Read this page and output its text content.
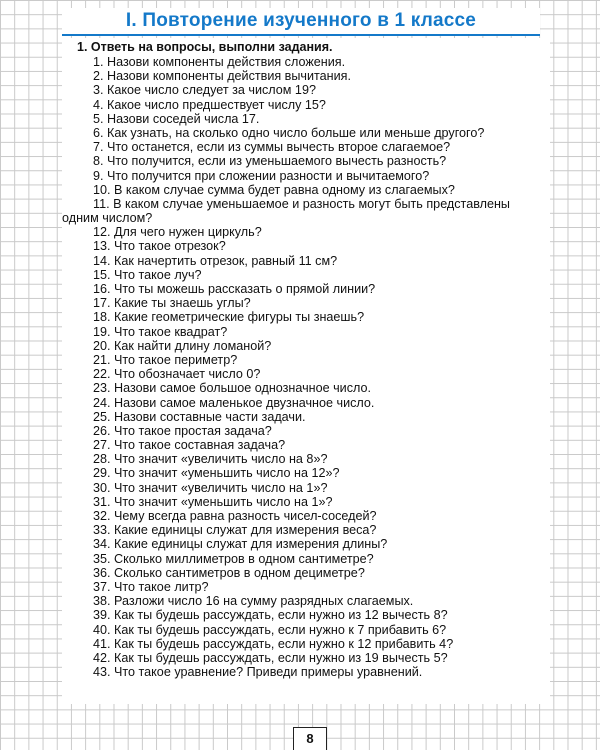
I. Повторение изученного в 1 классе
1. Ответь на вопросы, выполни задания.
1. Назови компоненты действия сложения.
2. Назови компоненты действия вычитания.
3. Какое число следует за числом 19?
4. Какое число предшествует числу 15?
5. Назови соседей числа 17.
6. Как узнать, на сколько одно число больше или меньше другого?
7. Что останется, если из суммы вычесть второе слагаемое?
8. Что получится, если из уменьшаемого вычесть разность?
9. Что получится при сложении разности и вычитаемого?
10. В каком случае сумма будет равна одному из слагаемых?
11. В каком случае уменьшаемое и разность могут быть представлены одним числом?
12. Для чего нужен циркуль?
13. Что такое отрезок?
14. Как начертить отрезок, равный 11 см?
15. Что такое луч?
16. Что ты можешь рассказать о прямой линии?
17. Какие ты знаешь углы?
18. Какие геометрические фигуры ты знаешь?
19. Что такое квадрат?
20. Как найти длину ломаной?
21. Что такое периметр?
22. Что обозначает число 0?
23. Назови самое большое однозначное число.
24. Назови самое маленькое двузначное число.
25. Назови составные части задачи.
26. Что такое простая задача?
27. Что такое составная задача?
28. Что значит «увеличить число на 8»?
29. Что значит «уменьшить число на 12»?
30. Что значит «увеличить число на 1»?
31. Что значит «уменьшить число на 1»?
32. Чему всегда равна разность чисел-соседей?
33. Какие единицы служат для измерения веса?
34. Какие единицы служат для измерения длины?
35. Сколько миллиметров в одном сантиметре?
36. Сколько сантиметров в одном дециметре?
37. Что такое литр?
38. Разложи число 16 на сумму разрядных слагаемых.
39. Как ты будешь рассуждать, если нужно из 12 вычесть 8?
40. Как ты будешь рассуждать, если нужно к 7 прибавить 6?
41. Как ты будешь рассуждать, если нужно к 12 прибавить 4?
42. Как ты будешь рассуждать, если нужно из 19 вычесть 5?
43. Что такое уравнение? Приведи примеры уравнений.
8
